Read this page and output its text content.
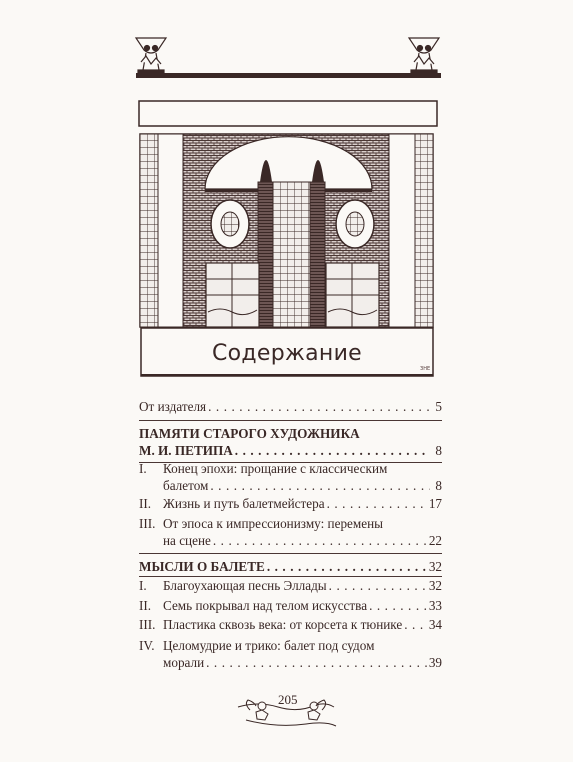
Содержание
ЗНЕ
От издателя . . .	5
ПАМЯТИ СТАРОГО ХУДОЖНИКА
М. И. ПЕТИПА . . .	8
I.	Конец эпохи: прощание с классическим
балетом . . .	8
II. Жизнь и путь балетмейстера . . .	17
III. От эпоса к импрессионизму: перемены
на сцене . . .	22
МЫСЛИ О БАЛЕТЕ . . .	32
I.	Благоухающая песнь Эллады . . .	32
II. Семь покрывал над телом искусства . . .	33
III. Пластика сквозь века: от корсета к тюнике . . . 34
IV. Целомудрие и трико: балет под судом
морали . . .	39
205
